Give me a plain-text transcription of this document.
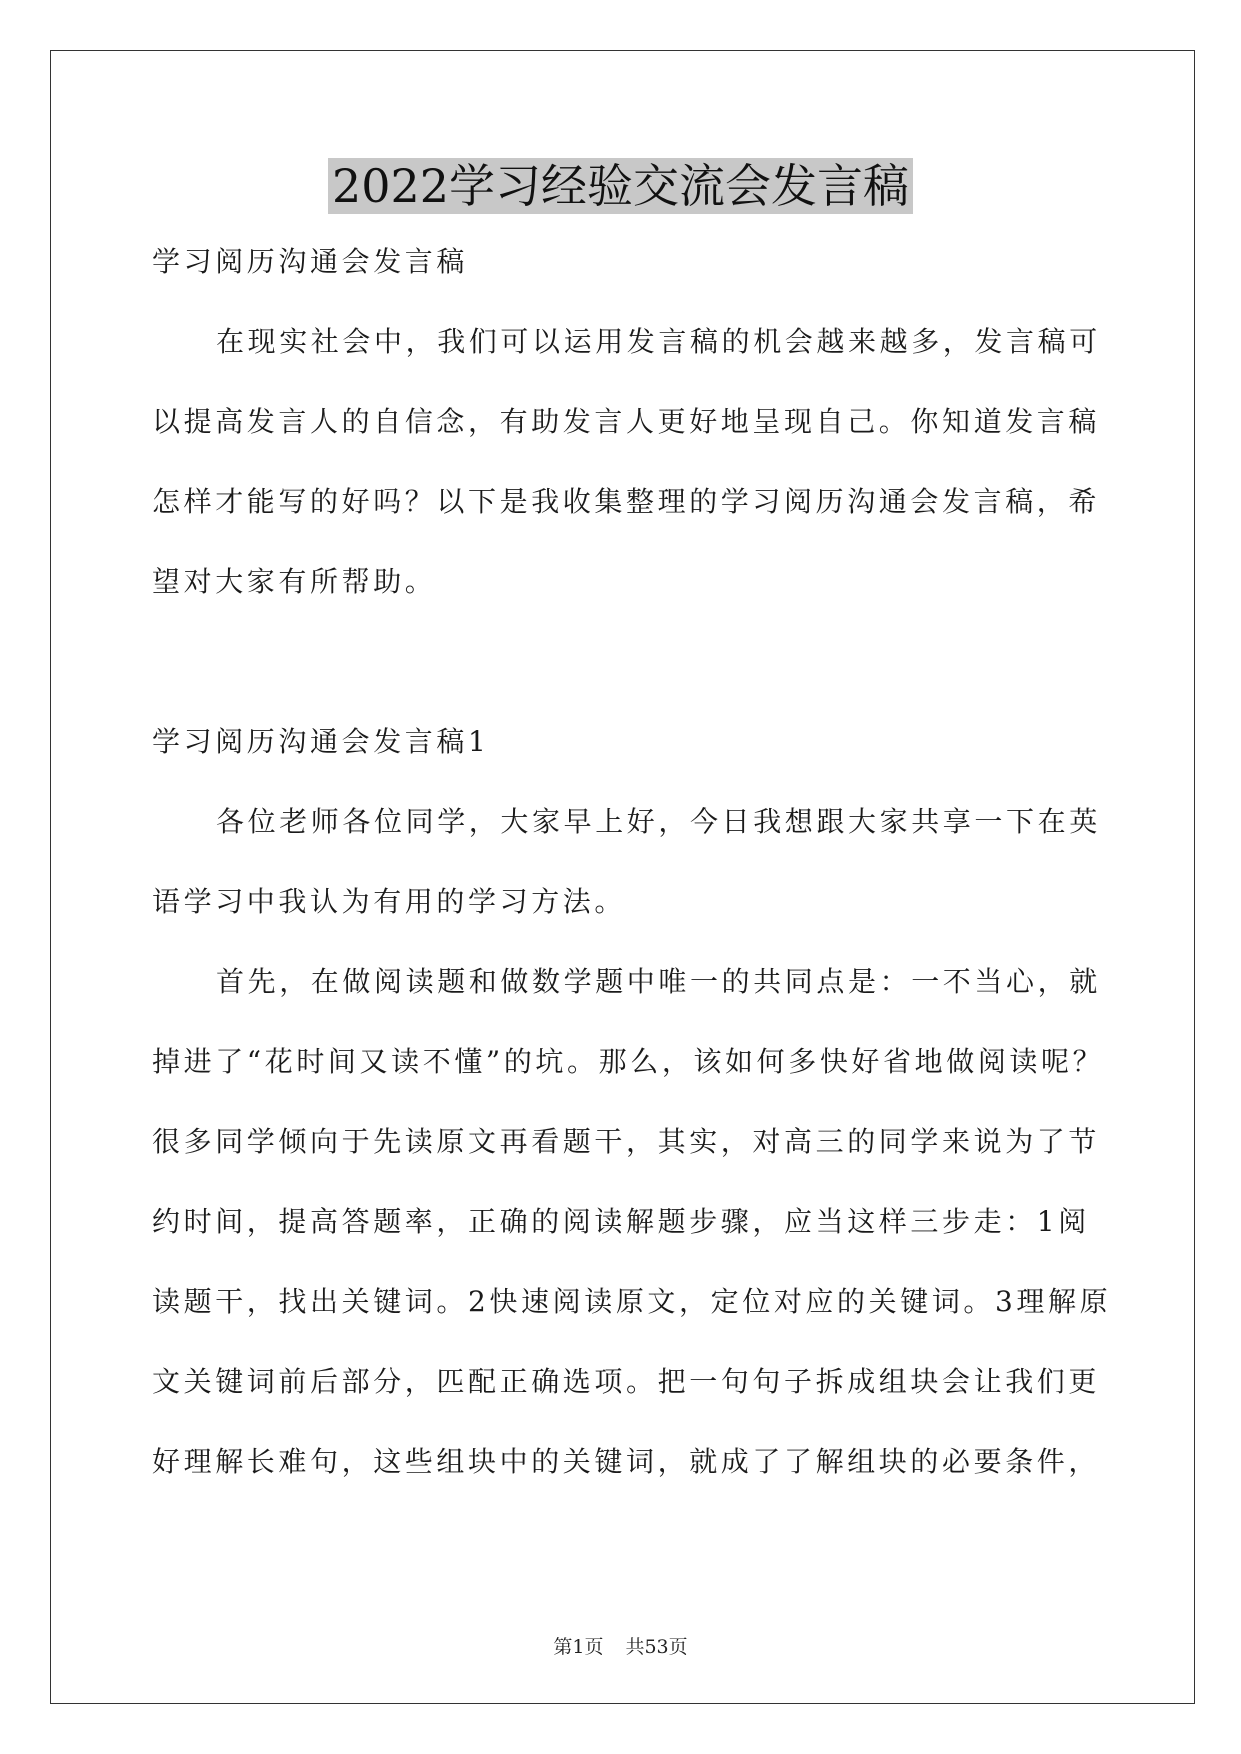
2022学习经验交流会发言稿
学习阅历沟通会发言稿
在现实社会中，我们可以运用发言稿的机会越来越多，发言稿可
以提高发言人的自信念，有助发言人更好地呈现自己。你知道发言稿
怎样才能写的好吗？以下是我收集整理的学习阅历沟通会发言稿，希
望对大家有所帮助。
学习阅历沟通会发言稿1
各位老师各位同学，大家早上好，今日我想跟大家共享一下在英
语学习中我认为有用的学习方法。
首先，在做阅读题和做数学题中唯一的共同点是：一不当心，就
掉进了“花时间又读不懂”的坑。那么，该如何多快好省地做阅读呢？
很多同学倾向于先读原文再看题干，其实，对高三的同学来说为了节
约时间，提高答题率，正确的阅读解题步骤，应当这样三步走：1阅
读题干，找出关键词。2快速阅读原文，定位对应的关键词。3理解原
文关键词前后部分，匹配正确选项。把一句句子拆成组块会让我们更
好理解长难句，这些组块中的关键词，就成了了解组块的必要条件，
第1页 共53页
